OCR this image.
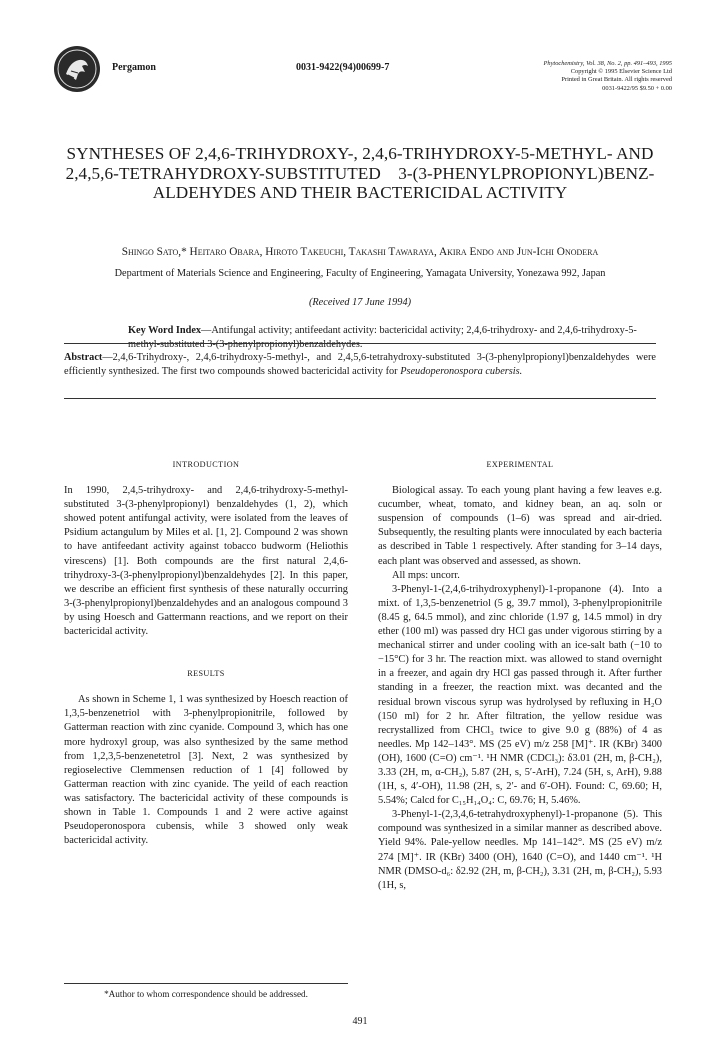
Pergamon	0031-9422(94)00699-7	Phytochemistry, Vol. 38, No. 2, pp. 491–493, 1995
Copyright © 1995 Elsevier Science Ltd
Printed in Great Britain. All rights reserved
0031-9422/95 $9.50 + 0.00
SYNTHESES OF 2,4,6-TRIHYDROXY-, 2,4,6-TRIHYDROXY-5-METHYL- AND
2,4,5,6-TETRAHYDROXY-SUBSTITUTED    3-(3-PHENYLPROPIONYL)BENZ-
ALDEHYDES AND THEIR BACTERICIDAL ACTIVITY
Shingo Sato,* Heitaro Obara, Hiroto Takeuchi, Takashi Tawaraya, Akira Endo and Jun-Ichi Onodera
Department of Materials Science and Engineering, Faculty of Engineering, Yamagata University, Yonezawa 992, Japan
(Received 17 June 1994)
Key Word Index—Antifungal activity; antifeedant activity: bactericidal activity; 2,4,6-trihydroxy- and 2,4,6-trihydroxy-5-methyl-substituted 3-(3-phenylpropionyl)benzaldehydes.
Abstract—2,4,6-Trihydroxy-, 2,4,6-trihydroxy-5-methyl-, and 2,4,5,6-tetrahydroxy-substituted 3-(3-phenylpropionyl)benzaldehydes were efficiently synthesized. The first two compounds showed bactericidal activity for Pseudoperonospora cubersis.
INTRODUCTION

In 1990, 2,4,5-trihydroxy- and 2,4,6-trihydroxy-5-methyl-substituted 3-(3-phenylpropionyl) benzaldehydes (1, 2), which showed potent antifungal activity, were isolated from the leaves of Psidium actangulum by Miles et al. [1, 2]. Compound 2 was shown to have antifeedant activity against tobacco budworm (Heliothis virescens) [1]. Both compounds are the first natural 2,4,6-trihydroxy-3-(3-phenylpropionyl)benzaldehydes [2]. In this paper, we describe an efficient first synthesis of these naturally occurring 3-(3-phenylpropionyl)benzaldehydes and an analogous compound 3 by using Hoesch and Gattermann reactions, and we report on their bactericidal activity.

RESULTS

As shown in Scheme 1, 1 was synthesized by Hoesch reaction of 1,3,5-benzenetriol with 3-phenylpropionitrile, followed by Gatterman reaction with zinc cyanide. Compound 3, which has one more hydroxyl group, was also synthesized by the same method from 1,2,3,5-benzenetetrol [3]. Next, 2 was synthesized by regioselective Clemmensen reduction of 1 [4] followed by Gatterman reaction with zinc cyanide. The yeild of each reaction was satisfactory. The bactericidal activity of these compounds is shown in Table 1. Compounds 1 and 2 were active against Pseudoperonospora cubensis, while 3 showed only weak bactericidal activity.

EXPERIMENTAL

Biological assay. To each young plant having a few leaves e.g. cucumber, wheat, tomato, and kidney bean, an aq. soln or suspension of compounds (1–6) was spread and air-dried. Subsequently, the resulting plants were innoculated by each bacteria as described in Table 1 respectively. After standing for 3–14 days, each plant was observed and assessed, as shown.

All mps: uncorr.

3-Phenyl-1-(2,4,6-trihydroxyphenyl)-1-propanone (4). Into a mixt. of 1,3,5-benzenetriol (5 g, 39.7 mmol), 3-phenylpropionitrile (8.45 g, 64.5 mmol), and zinc chloride (1.97 g, 14.5 mmol) in dry ether (100 ml) was passed dry HCl gas under vigorous stirring by a mechanical stirrer and under cooling with an ice-salt bath (−10 to −15°C) for 3 hr. The reaction mixt. was allowed to stand overnight in a freezer, and again dry HCl gas passed through it. After further standing in a freezer, the reaction mixt. was decanted and the residual brown viscous syrup was hydrolysed by refluxing in H₂O (150 ml) for 2 hr. After filtration, the yellow residue was recrystallized from CHCl₃ twice to give 9.0 g (88%) of 4 as needles. Mp 142–143°. MS (25 eV) m/z 258 [M]⁺. IR (KBr) 3400 (OH), 1600 (C=O) cm⁻¹. ¹H NMR (CDCl₃): δ3.01 (2H, m, β-CH₂), 3.33 (2H, m, α-CH₂), 5.87 (2H, s, 5′-ArH), 7.24 (5H, s, ArH), 9.88 (1H, s, 4′-OH), 11.98 (2H, s, 2′- and 6′-OH). Found: C, 69.60; H, 5.54%; Calcd for C₁₅H₁₄O₄: C, 69.76; H, 5.46%.

3-Phenyl-1-(2,3,4,6-tetrahydroxyphenyl)-1-propanone (5). This compound was synthesized in a similar manner as described above. Yield 94%. Pale-yellow needles. Mp 141–142°. MS (25 eV) m/z 274 [M]⁺. IR (KBr) 3400 (OH), 1640 (C=O), and 1440 cm⁻¹. ¹H NMR (DMSO-d₆: δ2.92 (2H, m, β-CH₂), 3.31 (2H, m, β-CH₂), 5.93 (1H, s,

*Author to whom correspondence should be addressed.
491
